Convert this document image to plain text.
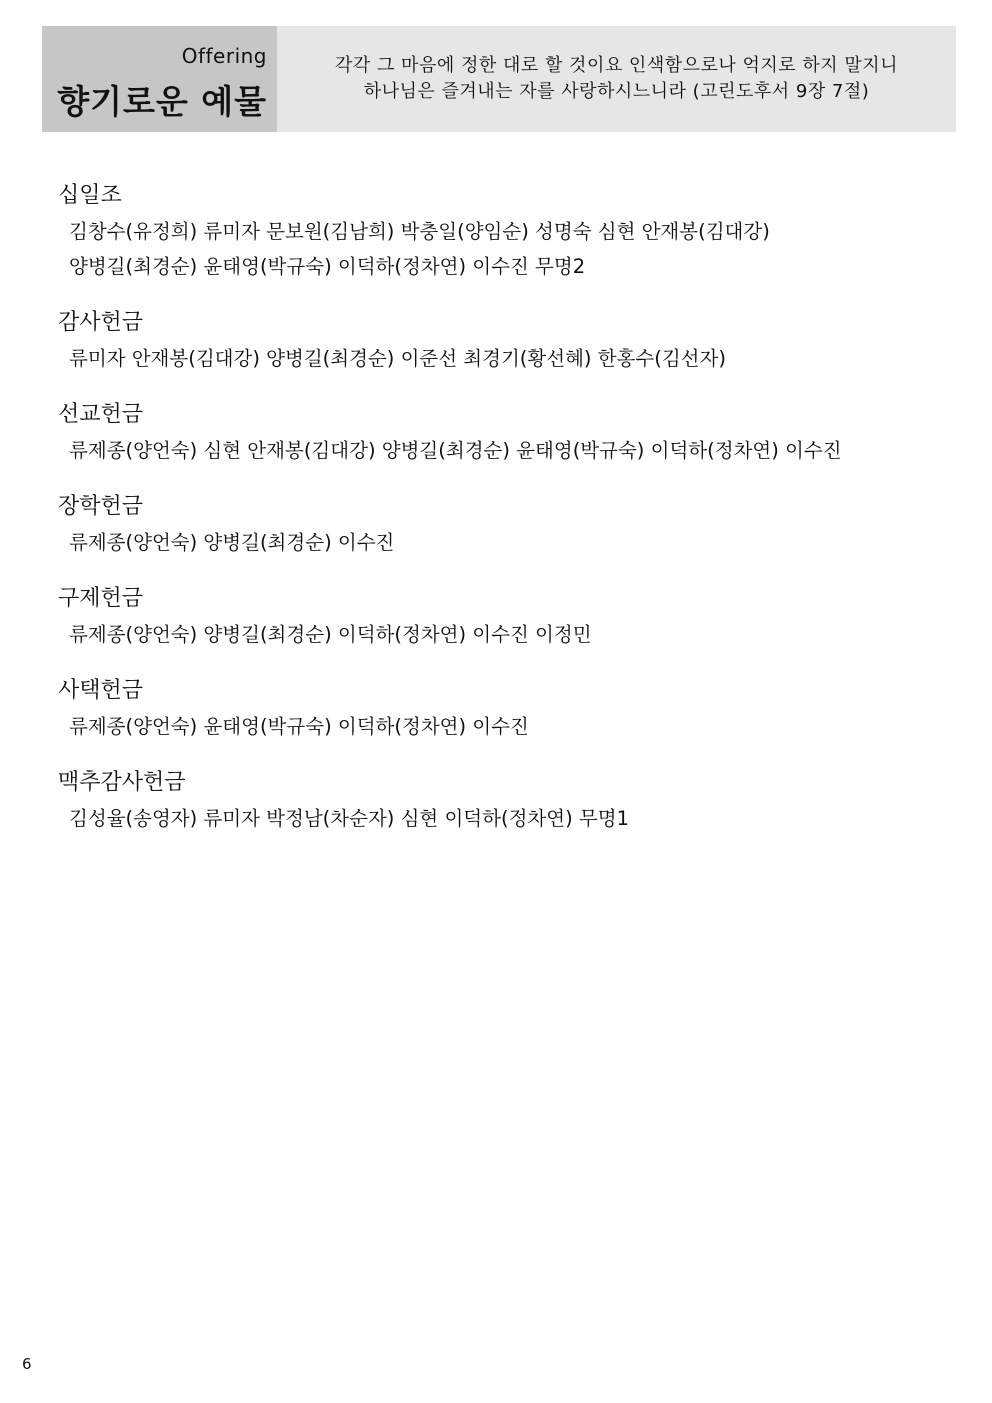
Offering
향기로운 예물
각각 그 마음에 정한 대로 할 것이요 인색함으로나 억지로 하지 말지니
하나님은 즐겨내는 자를 사랑하시느니라 (고린도후서 9장 7절)
십일조
김창수(유정희) 류미자 문보원(김남희) 박충일(양임순) 성명숙 심현 안재봉(김대강)
양병길(최경순) 윤태영(박규숙) 이덕하(정차연) 이수진 무명2
감사헌금
류미자 안재봉(김대강) 양병길(최경순) 이준선 최경기(황선혜) 한홍수(김선자)
선교헌금
류제종(양언숙) 심현 안재봉(김대강) 양병길(최경순) 윤태영(박규숙) 이덕하(정차연) 이수진
장학헌금
류제종(양언숙) 양병길(최경순) 이수진
구제헌금
류제종(양언숙) 양병길(최경순) 이덕하(정차연) 이수진 이정민
사택헌금
류제종(양언숙) 윤태영(박규숙) 이덕하(정차연) 이수진
맥추감사헌금
김성율(송영자) 류미자 박정남(차순자) 심현 이덕하(정차연) 무명1
6
